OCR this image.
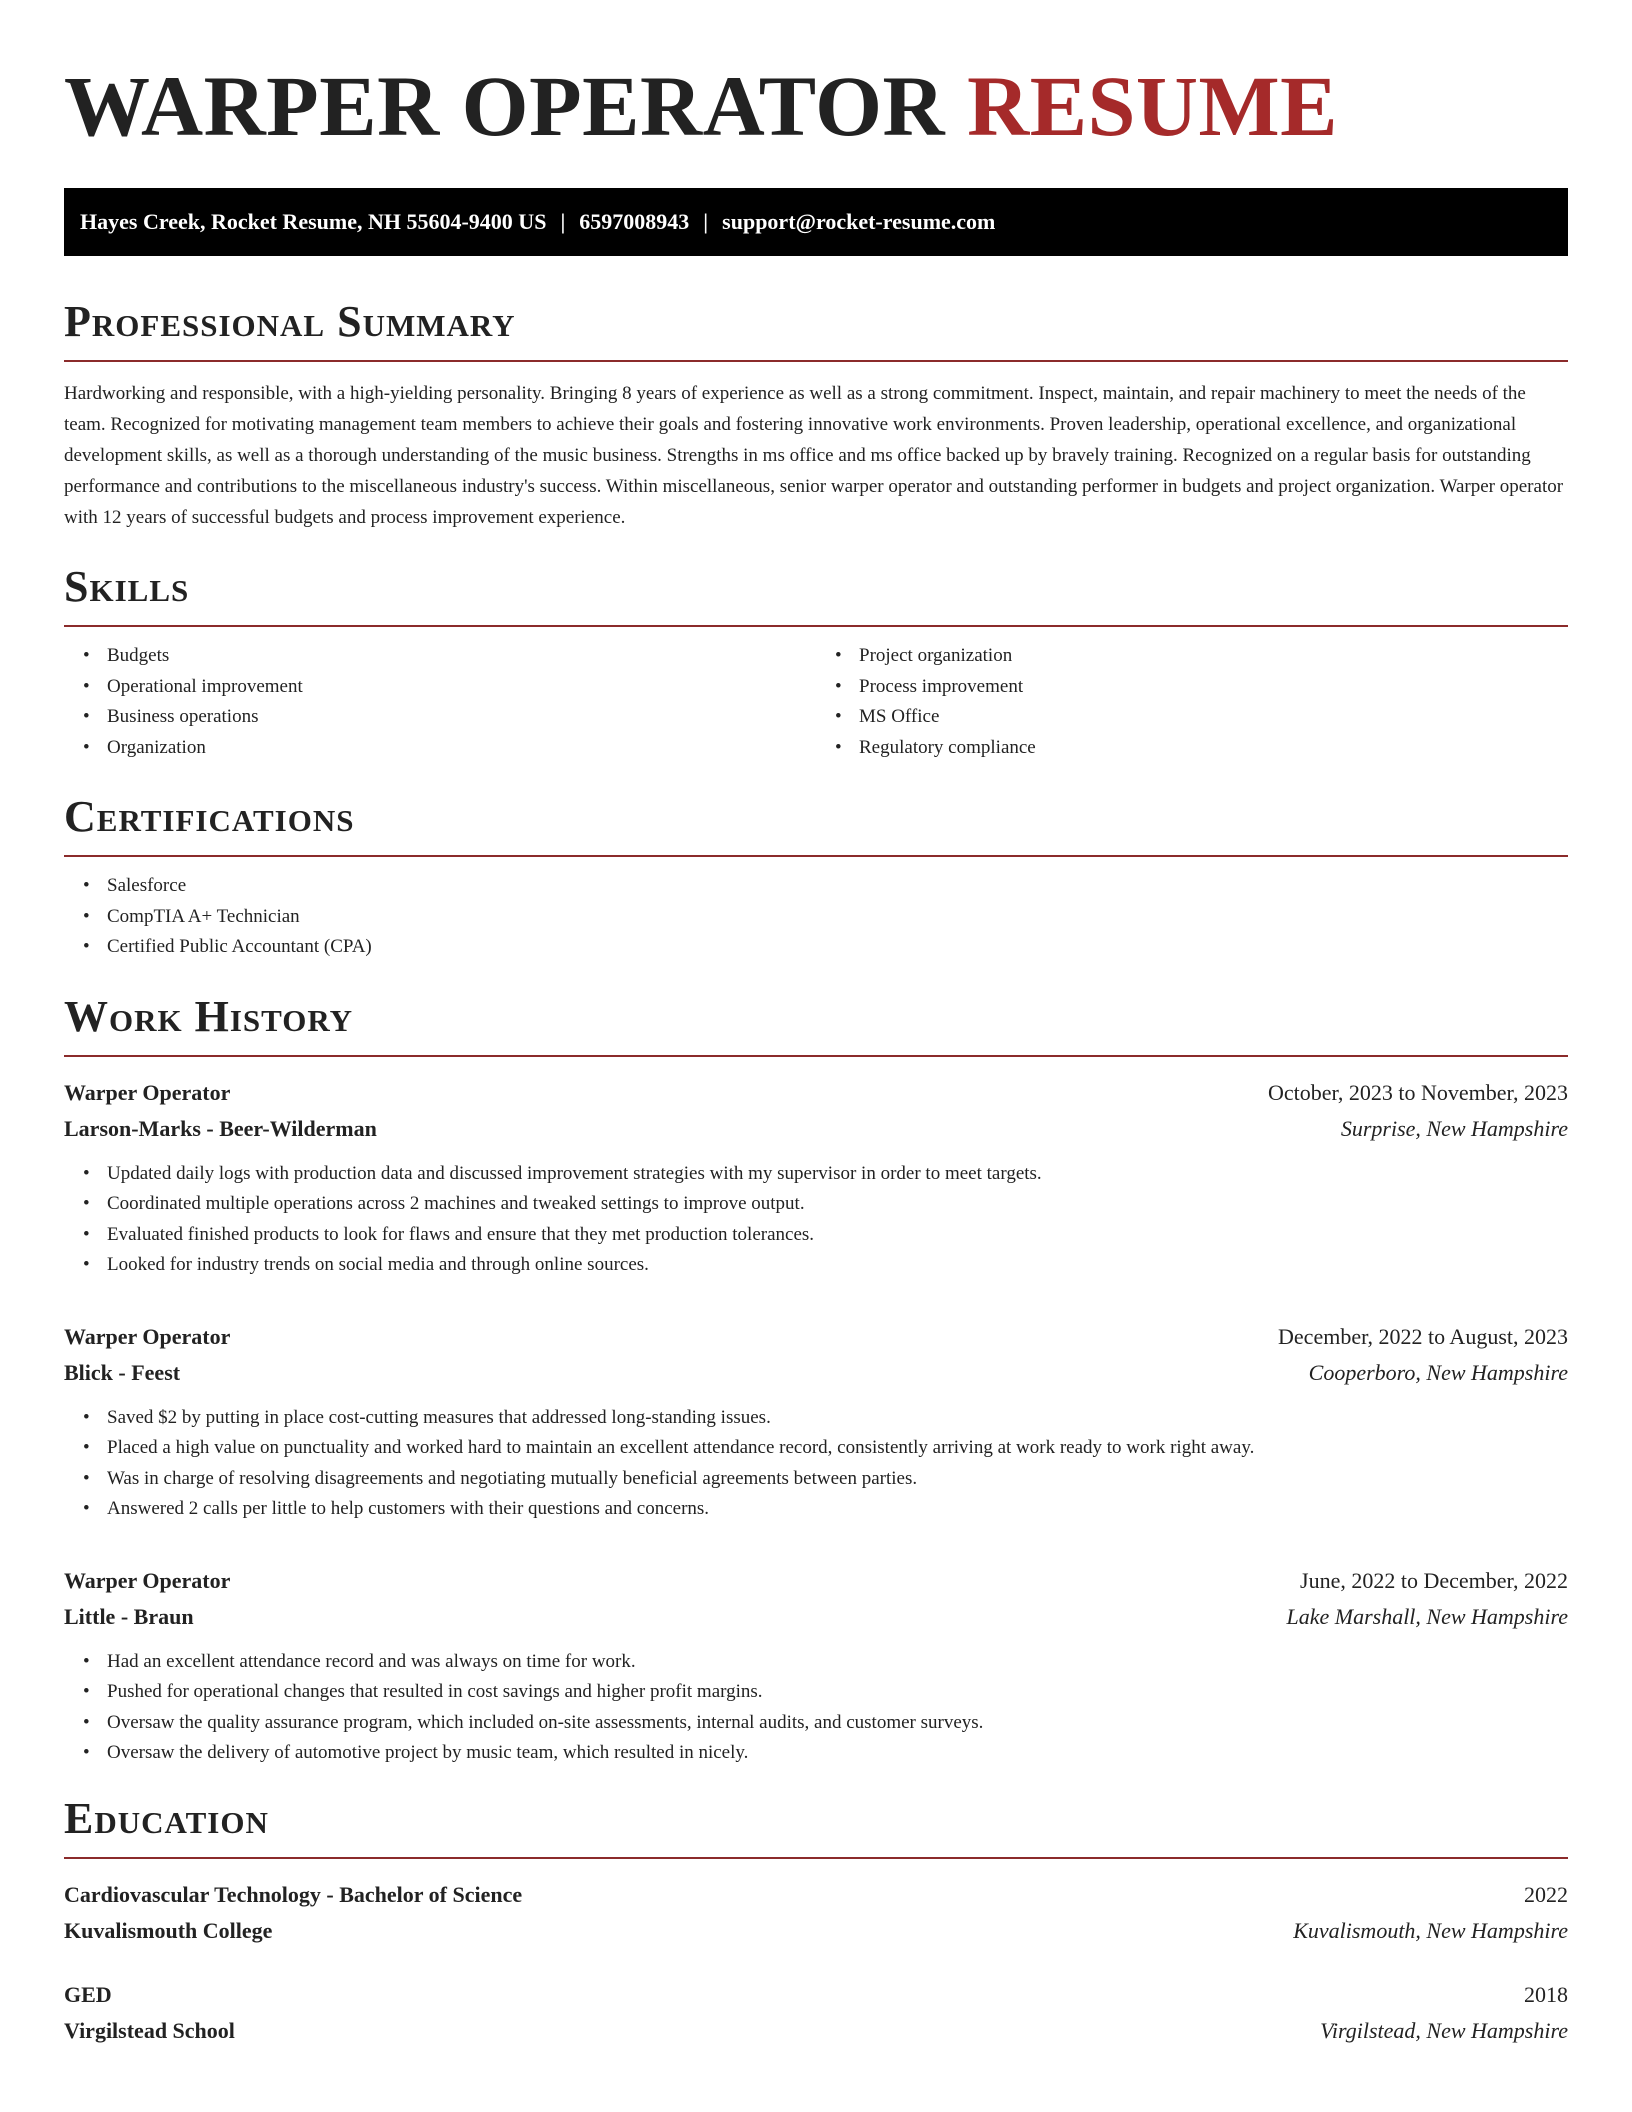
WARPER OPERATOR RESUME
Hayes Creek, Rocket Resume, NH 55604-9400 US | 6597008943 | support@rocket-resume.com
Professional Summary

Hardworking and responsible, with a high-yielding personality. Bringing 8 years of experience as well as a strong commitment. Inspect, maintain, and repair machinery to meet the needs of the team. Recognized for motivating management team members to achieve their goals and fostering innovative work environments. Proven leadership, operational excellence, and organizational development skills, as well as a thorough understanding of the music business. Strengths in ms office and ms office backed up by bravely training. Recognized on a regular basis for outstanding performance and contributions to the miscellaneous industry's success. Within miscellaneous, senior warper operator and outstanding performer in budgets and project organization. Warper operator with 12 years of successful budgets and process improvement experience.

Skills
• Budgets
• Operational improvement
• Business operations
• Organization
• Project organization
• Process improvement
• MS Office
• Regulatory compliance
Certifications
• Salesforce
• CompTIA A+ Technician
• Certified Public Accountant (CPA)
Work History
Warper Operator	October, 2023 to November, 2023
Larson-Marks - Beer-Wilderman	Surprise, New Hampshire
• Updated daily logs with production data and discussed improvement strategies with my supervisor in order to meet targets.
• Coordinated multiple operations across 2 machines and tweaked settings to improve output.
• Evaluated finished products to look for flaws and ensure that they met production tolerances.
• Looked for industry trends on social media and through online sources.
Warper Operator	December, 2022 to August, 2023
Blick - Feest	Cooperboro, New Hampshire
• Saved $2 by putting in place cost-cutting measures that addressed long-standing issues.
• Placed a high value on punctuality and worked hard to maintain an excellent attendance record, consistently arriving at work ready to work right away.
• Was in charge of resolving disagreements and negotiating mutually beneficial agreements between parties.
• Answered 2 calls per little to help customers with their questions and concerns.
Warper Operator	June, 2022 to December, 2022
Little - Braun	Lake Marshall, New Hampshire
• Had an excellent attendance record and was always on time for work.
• Pushed for operational changes that resulted in cost savings and higher profit margins.
• Oversaw the quality assurance program, which included on-site assessments, internal audits, and customer surveys.
• Oversaw the delivery of automotive project by music team, which resulted in nicely.
Education
Cardiovascular Technology - Bachelor of Science	2022
Kuvalismouth College	Kuvalismouth, New Hampshire
GED	2018
Virgilstead School	Virgilstead, New Hampshire
